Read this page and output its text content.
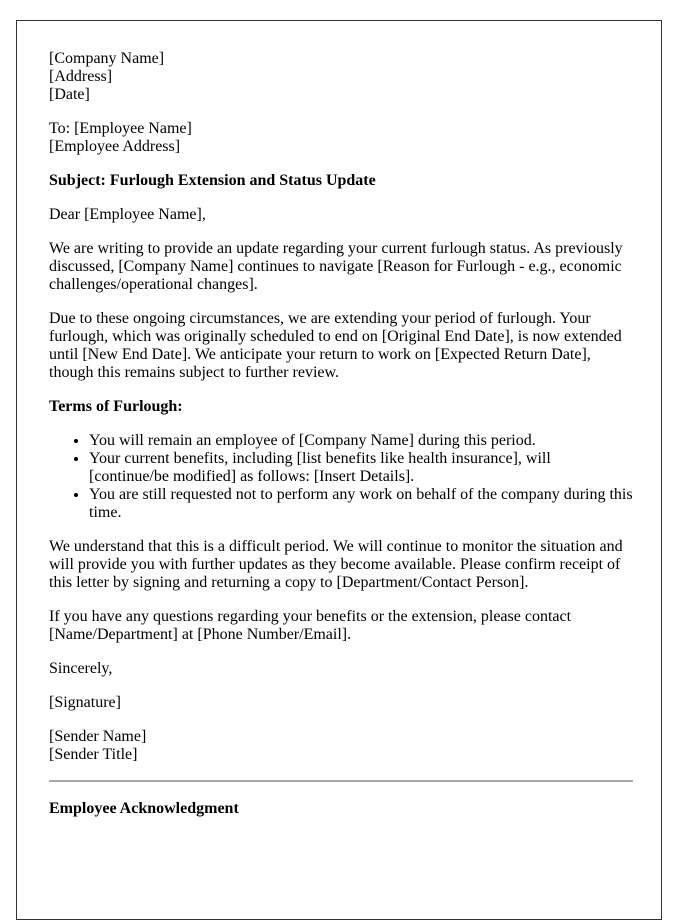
[Company Name]
[Address]
[Date]

To: [Employee Name]
[Employee Address]

Subject: Furlough Extension and Status Update

Dear [Employee Name],

We are writing to provide an update regarding your current furlough status. As previously discussed, [Company Name] continues to navigate [Reason for Furlough - e.g., economic challenges/operational changes].

Due to these ongoing circumstances, we are extending your period of furlough. Your furlough, which was originally scheduled to end on [Original End Date], is now extended until [New End Date]. We anticipate your return to work on [Expected Return Date], though this remains subject to further review.

Terms of Furlough:

• You will remain an employee of [Company Name] during this period.
• Your current benefits, including [list benefits like health insurance], will [continue/be modified] as follows: [Insert Details].
• You are still requested not to perform any work on behalf of the company during this time.

We understand that this is a difficult period. We will continue to monitor the situation and will provide you with further updates as they become available. Please confirm receipt of this letter by signing and returning a copy to [Department/Contact Person].

If you have any questions regarding your benefits or the extension, please contact [Name/Department] at [Phone Number/Email].

Sincerely,

[Signature]

[Sender Name]
[Sender Title]

Employee Acknowledgment
